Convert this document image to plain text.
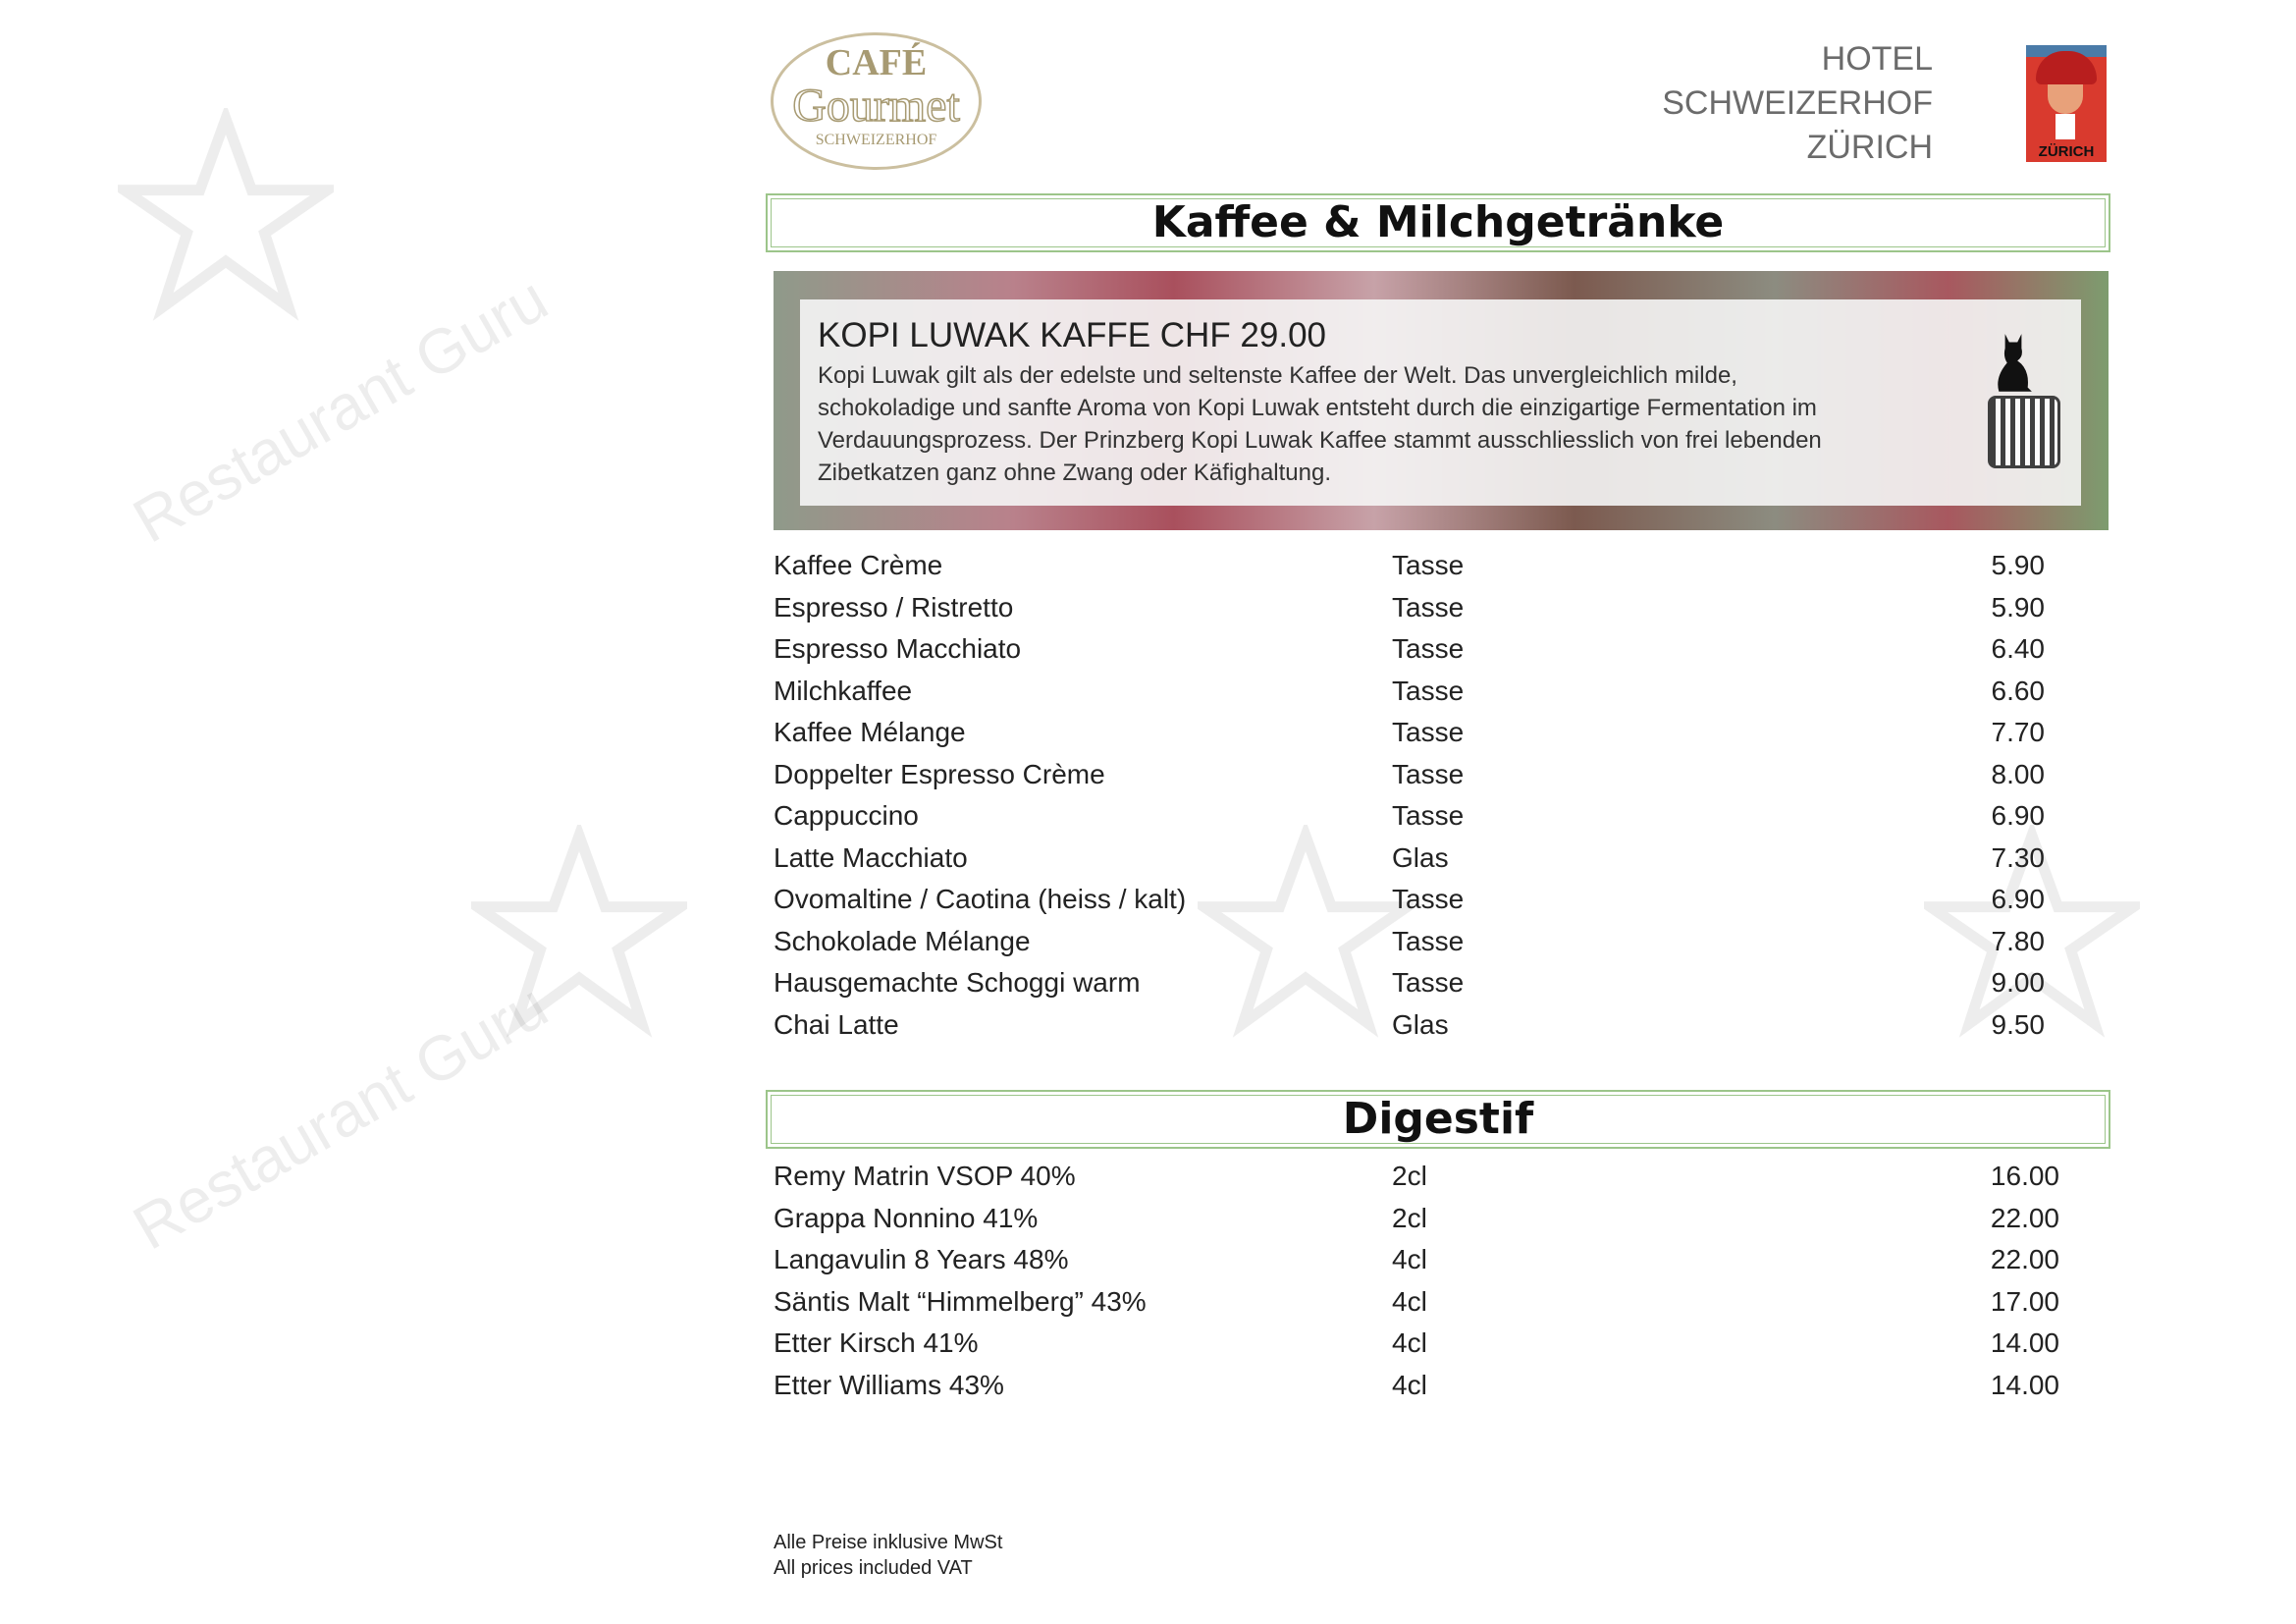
Restaurant Guru
Restaurant Guru
CAFÉ
Gourmet
SCHWEIZERHOF
HOTEL
SCHWEIZERHOF
ZÜRICH	ZÜRICH
Kaffee & Milchgetränke
KOPI LUWAK KAFFE CHF 29.00
Kopi Luwak gilt als der edelste und seltenste Kaffee der Welt. Das unvergleichlich milde,
schokoladige und sanfte Aroma von Kopi Luwak entsteht durch die einzigartige Fermentation im
Verdauungsprozess. Der Prinzberg Kopi Luwak Kaffee stammt ausschliesslich von frei lebenden
Zibetkatzen ganz ohne Zwang oder Käfighaltung.
Kaffee Crème	Tasse	5.90
Espresso / Ristretto	Tasse	5.90
Espresso Macchiato	Tasse	6.40
Milchkaffee	Tasse	6.60
Kaffee Mélange	Tasse	7.70
Doppelter Espresso Crème	Tasse	8.00
Cappuccino	Tasse	6.90
Latte Macchiato	Glas	7.30
Ovomaltine / Caotina (heiss / kalt)	Tasse	6.90
Schokolade Mélange	Tasse	7.80
Hausgemachte Schoggi warm	Tasse	9.00
Chai Latte	Glas	9.50
Digestif
Remy Matrin VSOP 40%	2cl	16.00
Grappa Nonnino 41%	2cl	22.00
Langavulin 8 Years 48%	4cl	22.00
Säntis Malt “Himmelberg” 43%	4cl	17.00
Etter Kirsch 41%	4cl	14.00
Etter Williams 43%	4cl	14.00
Alle Preise inklusive MwSt
All prices included VAT
